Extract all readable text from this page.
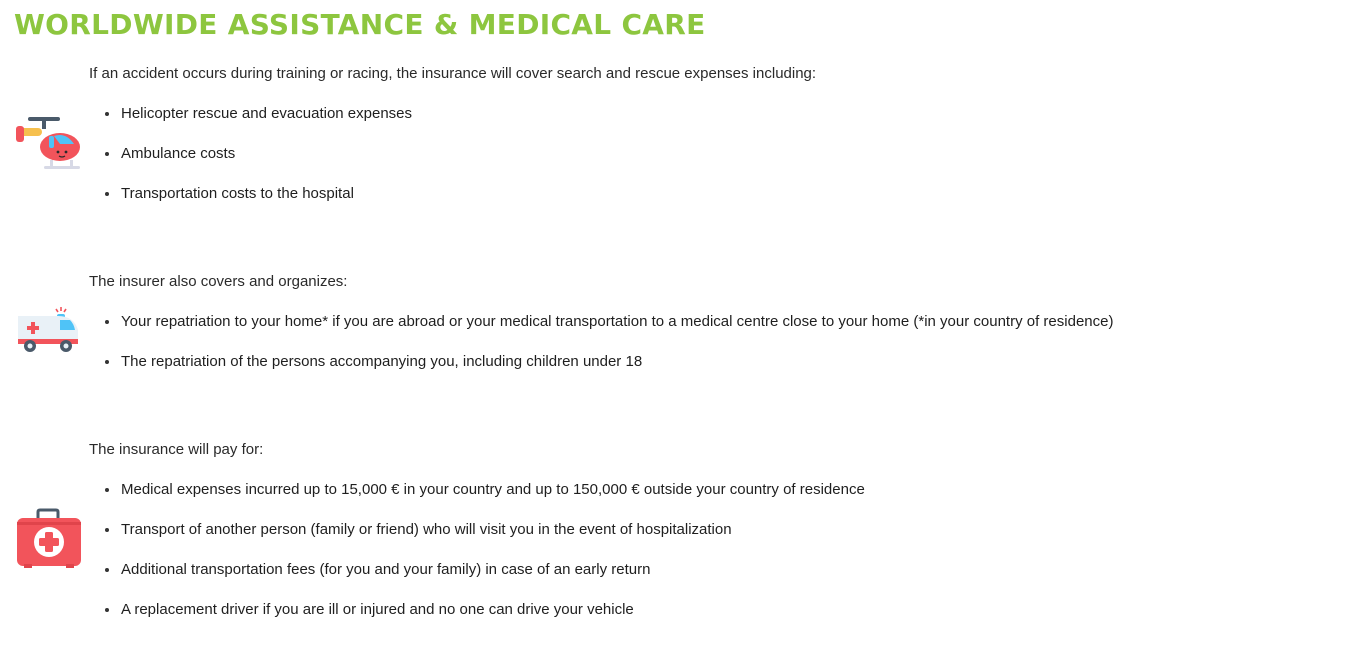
WORLDWIDE ASSISTANCE & MEDICAL CARE

If an accident occurs during training or racing, the insurance will cover search and rescue expenses including:

Helicopter rescue and evacuation expenses
Ambulance costs
Transportation costs to the hospital

The insurer also covers and organizes:

Your repatriation to your home* if you are abroad or your medical transportation to a medical centre close to your home (*in your country of residence)
The repatriation of the persons accompanying you, including children under 18

The insurance will pay for:

Medical expenses incurred up to 15,000 € in your country and up to 150,000 € outside your country of residence
Transport of another person (family or friend) who will visit you in the event of hospitalization
Additional transportation fees (for you and your family) in case of an early return
A replacement driver if you are ill or injured and no one can drive your vehicle
